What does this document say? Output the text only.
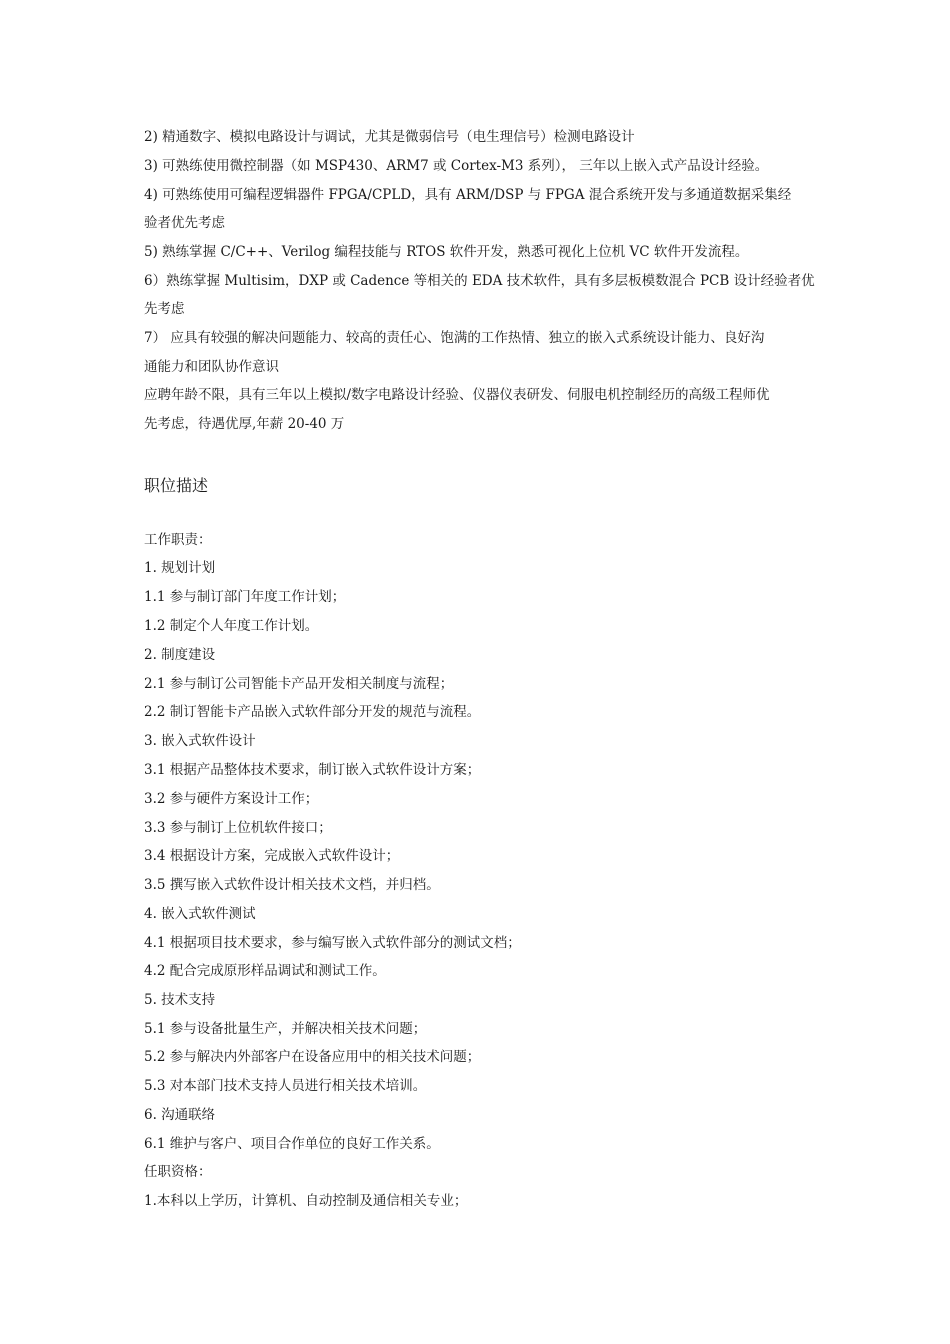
2) 精通数字、模拟电路设计与调试，尤其是微弱信号（电生理信号）检测电路设计
3) 可熟练使用微控制器（如 MSP430、ARM7 或 Cortex-M3 系列）， 三年以上嵌入式产品设计经验。
4) 可熟练使用可编程逻辑器件 FPGA/CPLD，具有 ARM/DSP 与 FPGA 混合系统开发与多通道数据采集经
验者优先考虑
5) 熟练掌握 C/C++、Verilog 编程技能与 RTOS 软件开发，熟悉可视化上位机 VC 软件开发流程。
6）熟练掌握 Multisim，DXP 或 Cadence 等相关的 EDA 技术软件，具有多层板模数混合 PCB 设计经验者优
先考虑
7） 应具有较强的解决问题能力、较高的责任心、饱满的工作热情、独立的嵌入式系统设计能力、良好沟
通能力和团队协作意识
应聘年龄不限，具有三年以上模拟/数字电路设计经验、仪器仪表研发、伺服电机控制经历的高级工程师优
先考虑，待遇优厚,年薪 20-40 万
职位描述
工作职责：
1. 规划计划
1.1 参与制订部门年度工作计划；
1.2 制定个人年度工作计划。
2. 制度建设
2.1 参与制订公司智能卡产品开发相关制度与流程；
2.2 制订智能卡产品嵌入式软件部分开发的规范与流程。
3. 嵌入式软件设计
3.1 根据产品整体技术要求，制订嵌入式软件设计方案；
3.2 参与硬件方案设计工作；
3.3 参与制订上位机软件接口；
3.4 根据设计方案，完成嵌入式软件设计；
3.5 撰写嵌入式软件设计相关技术文档，并归档。
4. 嵌入式软件测试
4.1 根据项目技术要求，参与编写嵌入式软件部分的测试文档；
4.2 配合完成原形样品调试和测试工作。
5. 技术支持
5.1 参与设备批量生产，并解决相关技术问题；
5.2 参与解决内外部客户在设备应用中的相关技术问题；
5.3 对本部门技术支持人员进行相关技术培训。
6. 沟通联络
6.1 维护与客户、项目合作单位的良好工作关系。
任职资格：
1.本科以上学历，计算机、自动控制及通信相关专业；
